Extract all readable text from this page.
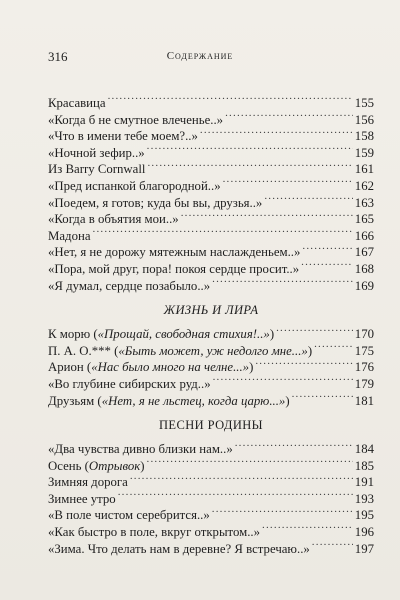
316	Содержание
Красавица .....	155
«Когда б не смутное влеченье..» .....	156
«Что в имени тебе моем?..» .....	158
«Ночной зефир..» .....	159
Из Barry Cornwall .....	161
«Пред испанкой благородной..» .....	162
«Поедем, я готов; куда бы вы, друзья..» .....	163
«Когда в объятия мои..» .....	165
Мадона .....	166
«Нет, я не дорожу мятежным наслажденьем..» .....	167
«Пора, мой друг, пора! покоя сердце просит..» .....	168
«Я думал, сердце позабыло..» .....	169
ЖИЗНЬ И ЛИРА
К морю («Прощай, свободная стихия!..») .....	170
П. А. О.*** («Быть может, уж недолго мне...») .....	175
Арион («Нас было много на челне...») .....	176
«Во глубине сибирских руд..» .....	179
Друзьям («Нет, я не льстец, когда царю...») .....	181
ПЕСНИ РОДИНЫ
«Два чувства дивно близки нам..» .....	184
Осень (Отрывок) .....	185
Зимняя дорога .....	191
Зимнее утро .....	193
«В поле чистом серебрится..» .....	195
«Как быстро в поле, вкруг открытом..» .....	196
«Зима. Что делать нам в деревне? Я встречаю..» .....	197
